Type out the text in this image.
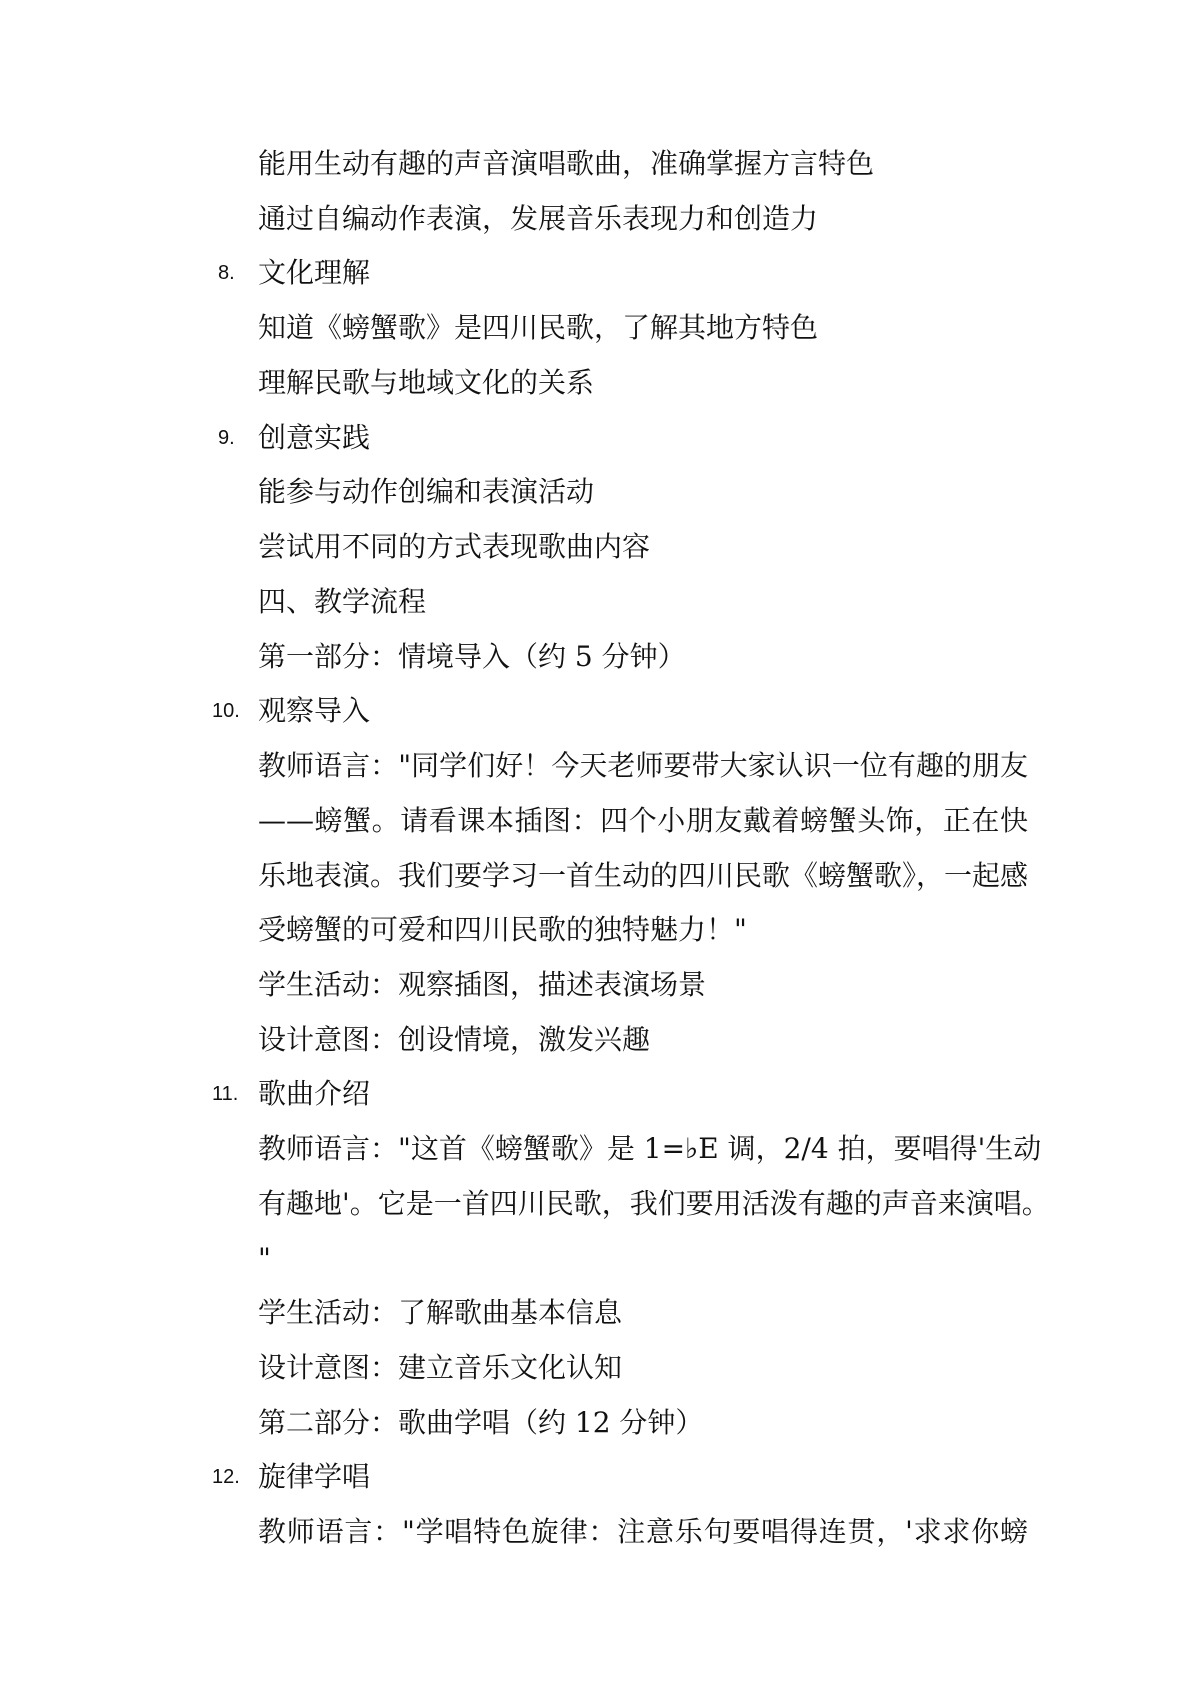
能用生动有趣的声音演唱歌曲，准确掌握方言特色
通过自编动作表演，发展音乐表现力和创造力
8. 文化理解
知道《螃蟹歌》是四川民歌，了解其地方特色
理解民歌与地域文化的关系
9. 创意实践
能参与动作创编和表演活动
尝试用不同的方式表现歌曲内容
四、教学流程
第一部分：情境导入（约 5 分钟）
10. 观察导入
教师语言："同学们好！今天老师要带大家认识一位有趣的朋友
——螃蟹。请看课本插图：四个小朋友戴着螃蟹头饰，正在快
乐地表演。我们要学习一首生动的四川民歌《螃蟹歌》，一起感
受螃蟹的可爱和四川民歌的独特魅力！"
学生活动：观察插图，描述表演场景
设计意图：创设情境，激发兴趣
11. 歌曲介绍
教师语言："这首《螃蟹歌》是 1=♭E 调，2/4 拍，要唱得'生动
有趣地'。它是一首四川民歌，我们要用活泼有趣的声音来演唱。
"
学生活动：了解歌曲基本信息
设计意图：建立音乐文化认知
第二部分：歌曲学唱（约 12 分钟）
12. 旋律学唱
教师语言："学唱特色旋律：注意乐句要唱得连贯，'求求你螃
